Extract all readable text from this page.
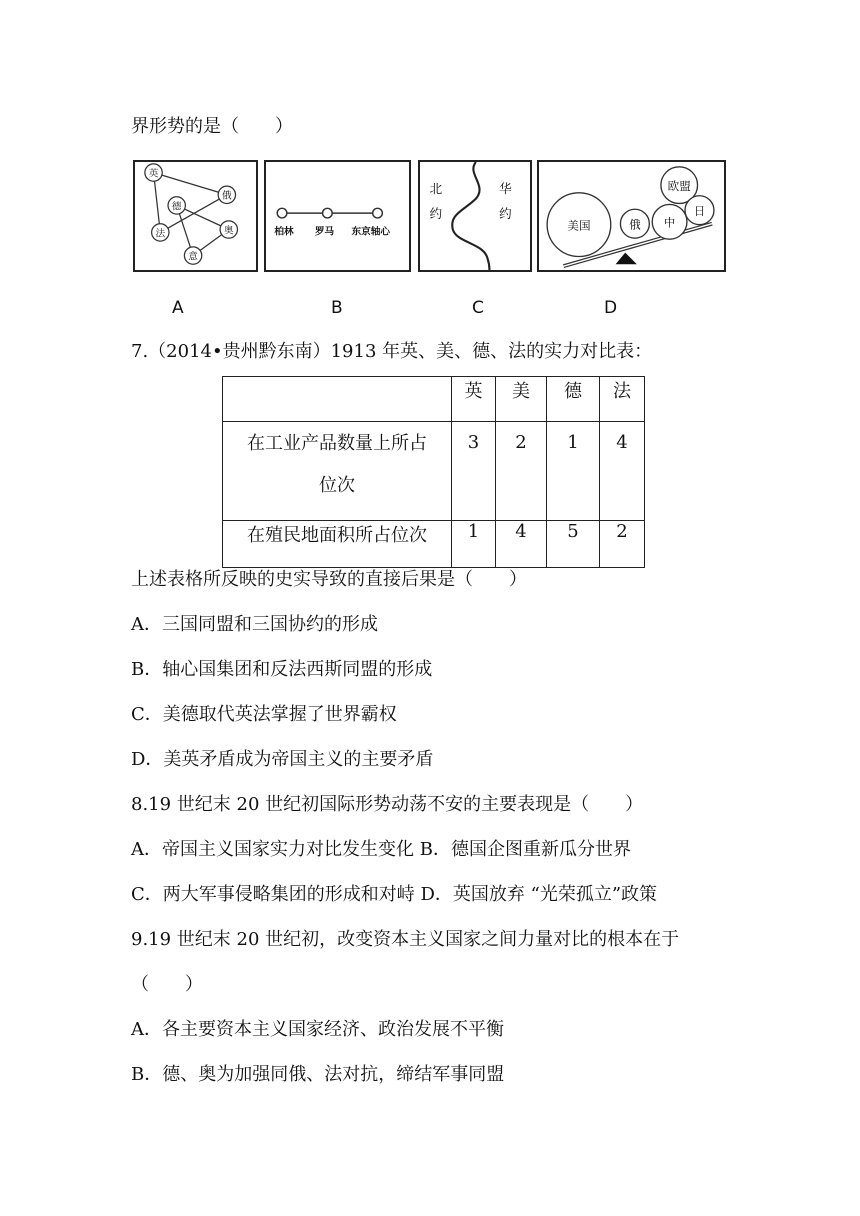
界形势的是（　　）
英
俄
德
奥
法
意
柏林 罗马 东京轴心
北
约
华
约
美国	俄 中
欧盟
日
A	B	C	D
7.（2014•贵州黔东南）1913 年英、美、德、法的实力对比表：
	英	美	德	法

在工业产品数量上所占
位次	3	2	1	4
在殖民地面积所占位次	1	4	5	2
上述表格所反映的史实导致的直接后果是（　　）
A．三国同盟和三国协约的形成
B．轴心国集团和反法西斯同盟的形成
C．美德取代英法掌握了世界霸权
D．美英矛盾成为帝国主义的主要矛盾
8.19 世纪末 20 世纪初国际形势动荡不安的主要表现是（　　）
A．帝国主义国家实力对比发生变化 B．德国企图重新瓜分世界
C．两大军事侵略集团的形成和对峙 D．英国放弃 “光荣孤立”政策
9.19 世纪末 20 世纪初，改变资本主义国家之间力量对比的根本在于
（　　）
A．各主要资本主义国家经济、政治发展不平衡
B．德、奥为加强同俄、法对抗，缔结军事同盟
